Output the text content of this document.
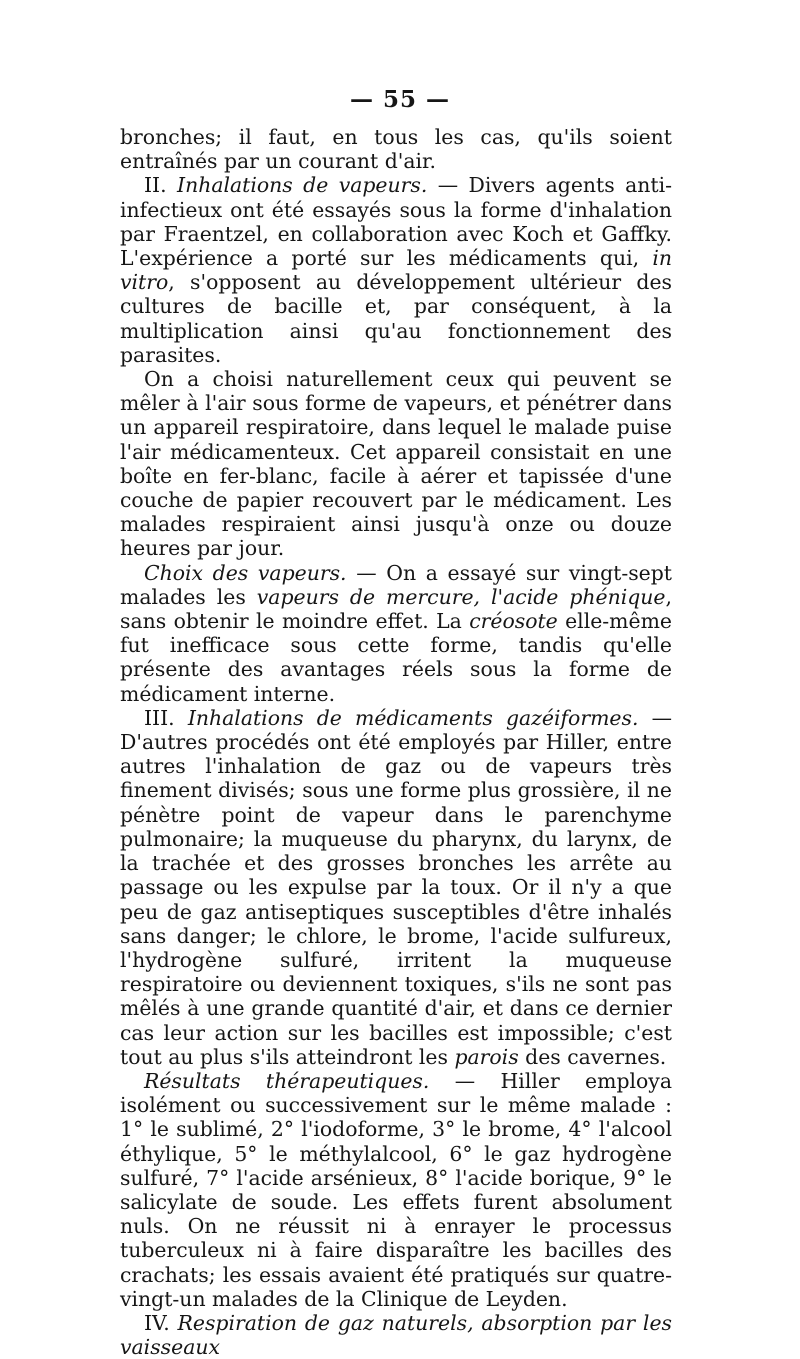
— 55 —

bronches; il faut, en tous les cas, qu'ils soient entraînés par un courant d'air.

II. Inhalations de vapeurs. — Divers agents anti-infectieux ont été essayés sous la forme d'inhalation par Fraentzel, en collaboration avec Koch et Gaffky. L'expérience a porté sur les médicaments qui, in vitro, s'opposent au développement ultérieur des cultures de bacille et, par conséquent, à la multiplication ainsi qu'au fonctionnement des parasites.

On a choisi naturellement ceux qui peuvent se mêler à l'air sous forme de vapeurs, et pénétrer dans un appareil respiratoire, dans lequel le malade puise l'air médicamenteux. Cet appareil consistait en une boîte en fer-blanc, facile à aérer et tapissée d'une couche de papier recouvert par le médicament. Les malades respiraient ainsi jusqu'à onze ou douze heures par jour.

Choix des vapeurs. — On a essayé sur vingt-sept malades les vapeurs de mercure, l'acide phénique, sans obtenir le moindre effet. La créosote elle-même fut inefficace sous cette forme, tandis qu'elle présente des avantages réels sous la forme de médicament interne.

III. Inhalations de médicaments gazéiformes. — D'autres procédés ont été employés par Hiller, entre autres l'inhalation de gaz ou de vapeurs très finement divisés; sous une forme plus grossière, il ne pénètre point de vapeur dans le parenchyme pulmonaire; la muqueuse du pharynx, du larynx, de la trachée et des grosses bronches les arrête au passage ou les expulse par la toux. Or il n'y a que peu de gaz antiseptiques susceptibles d'être inhalés sans danger; le chlore, le brome, l'acide sulfureux, l'hydrogène sulfuré, irritent la muqueuse respiratoire ou deviennent toxiques, s'ils ne sont pas mêlés à une grande quantité d'air, et dans ce dernier cas leur action sur les bacilles est impossible; c'est tout au plus s'ils atteindront les parois des cavernes.

Résultats thérapeutiques. — Hiller employa isolément ou successivement sur le même malade : 1° le sublimé, 2° l'iodoforme, 3° le brome, 4° l'alcool éthylique, 5° le méthylalcool, 6° le gaz hydrogène sulfuré, 7° l'acide arsénieux, 8° l'acide borique, 9° le salicylate de soude. Les effets furent absolument nuls. On ne réussit ni à enrayer le processus tuberculeux ni à faire disparaître les bacilles des crachats; les essais avaient été pratiqués sur quatre-vingt-un malades de la Clinique de Leyden.

IV. Respiration de gaz naturels, absorption par les vaisseaux
